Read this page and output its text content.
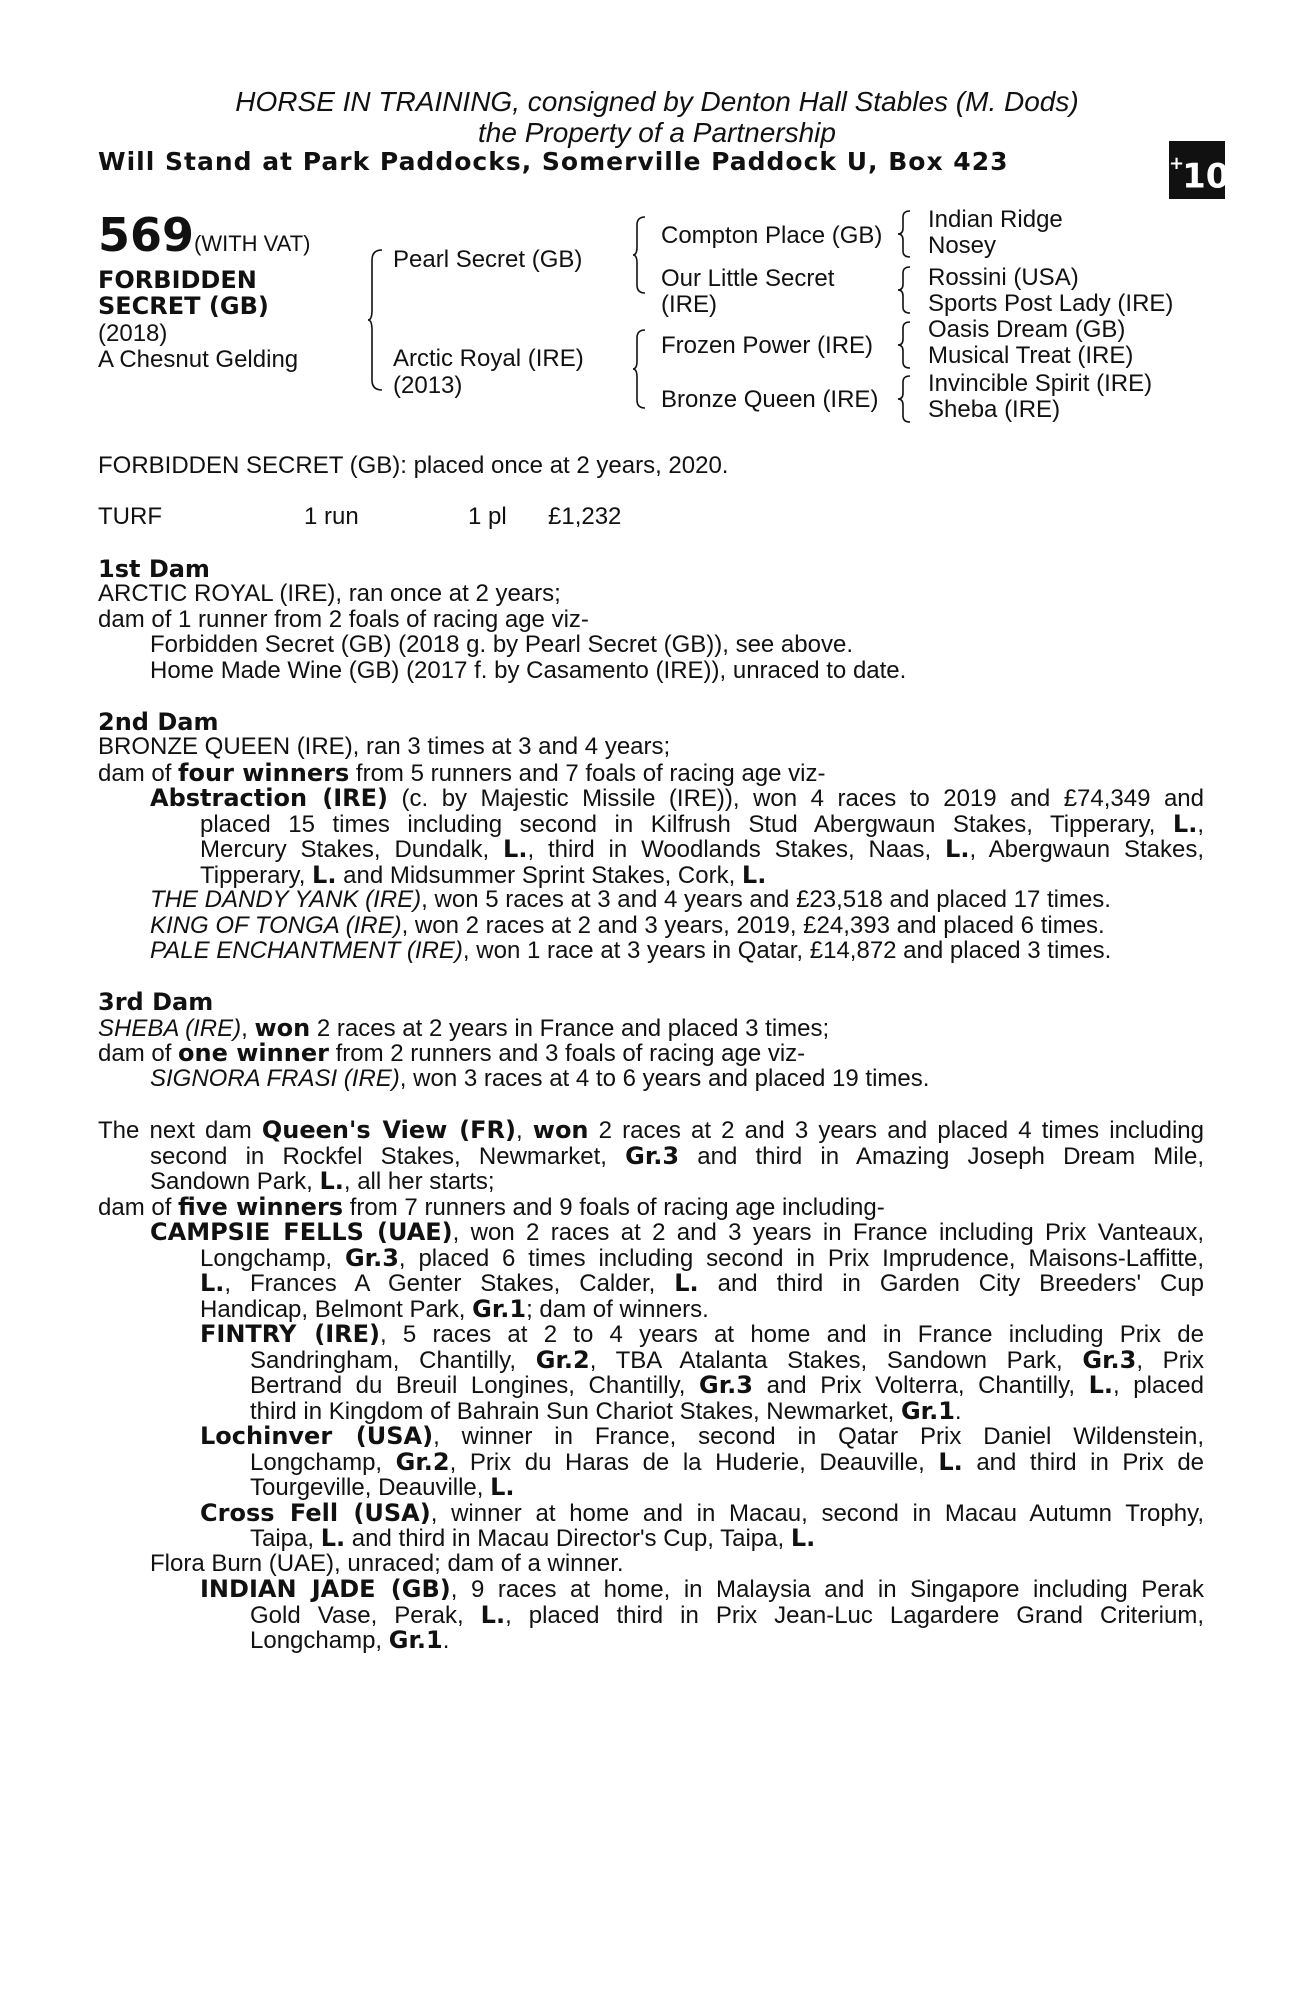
HORSE IN TRAINING, consigned by Denton Hall Stables (M. Dods)
the Property of a Partnership
Will Stand at Park Paddocks, Somerville Paddock U, Box 423	+10
569 (WITH VAT)
FORBIDDEN
SECRET (GB)
(2018)
A Chesnut Gelding
Pearl Secret (GB)
Arctic Royal (IRE)
(2013)
Compton Place (GB)
Our Little Secret
(IRE)
Frozen Power (IRE)
Bronze Queen (IRE)
Indian Ridge
Nosey
Rossini (USA)
Sports Post Lady (IRE)
Oasis Dream (GB)
Musical Treat (IRE)
Invincible Spirit (IRE)
Sheba (IRE)
FORBIDDEN SECRET (GB): placed once at 2 years, 2020.
TURF	1 run	1 pl £1,232
1st Dam
ARCTIC ROYAL (IRE), ran once at 2 years;
dam of 1 runner from 2 foals of racing age viz-
Forbidden Secret (GB) (2018 g. by Pearl Secret (GB)), see above.
Home Made Wine (GB) (2017 f. by Casamento (IRE)), unraced to date.
2nd Dam
BRONZE QUEEN (IRE), ran 3 times at 3 and 4 years;
dam of four winners from 5 runners and 7 foals of racing age viz-
Abstraction (IRE) (c. by Majestic Missile (IRE)), won 4 races to 2019 and £74,349 and
placed 15 times including second in Kilfrush Stud Abergwaun Stakes, Tipperary, L.,
Mercury Stakes, Dundalk, L., third in Woodlands Stakes, Naas, L., Abergwaun Stakes,
Tipperary, L. and Midsummer Sprint Stakes, Cork, L.
THE DANDY YANK (IRE), won 5 races at 3 and 4 years and £23,518 and placed 17 times.
KING OF TONGA (IRE), won 2 races at 2 and 3 years, 2019, £24,393 and placed 6 times.
PALE ENCHANTMENT (IRE), won 1 race at 3 years in Qatar, £14,872 and placed 3 times.
3rd Dam
SHEBA (IRE), won 2 races at 2 years in France and placed 3 times;
dam of one winner from 2 runners and 3 foals of racing age viz-
SIGNORA FRASI (IRE), won 3 races at 4 to 6 years and placed 19 times.
The next dam Queen's View (FR), won 2 races at 2 and 3 years and placed 4 times including
second in Rockfel Stakes, Newmarket, Gr.3 and third in Amazing Joseph Dream Mile,
Sandown Park, L., all her starts;
dam of five winners from 7 runners and 9 foals of racing age including-
CAMPSIE FELLS (UAE), won 2 races at 2 and 3 years in France including Prix Vanteaux,
Longchamp, Gr.3, placed 6 times including second in Prix Imprudence, Maisons-Laffitte,
L., Frances A Genter Stakes, Calder, L. and third in Garden City Breeders' Cup
Handicap, Belmont Park, Gr.1; dam of winners.
FINTRY (IRE), 5 races at 2 to 4 years at home and in France including Prix de
Sandringham, Chantilly, Gr.2, TBA Atalanta Stakes, Sandown Park, Gr.3, Prix
Bertrand du Breuil Longines, Chantilly, Gr.3 and Prix Volterra, Chantilly, L., placed
third in Kingdom of Bahrain Sun Chariot Stakes, Newmarket, Gr.1.
Lochinver (USA), winner in France, second in Qatar Prix Daniel Wildenstein,
Longchamp, Gr.2, Prix du Haras de la Huderie, Deauville, L. and third in Prix de
Tourgeville, Deauville, L.
Cross Fell (USA), winner at home and in Macau, second in Macau Autumn Trophy,
Taipa, L. and third in Macau Director's Cup, Taipa, L.
Flora Burn (UAE), unraced; dam of a winner.
INDIAN JADE (GB), 9 races at home, in Malaysia and in Singapore including Perak
Gold Vase, Perak, L., placed third in Prix Jean-Luc Lagardere Grand Criterium,
Longchamp, Gr.1.
